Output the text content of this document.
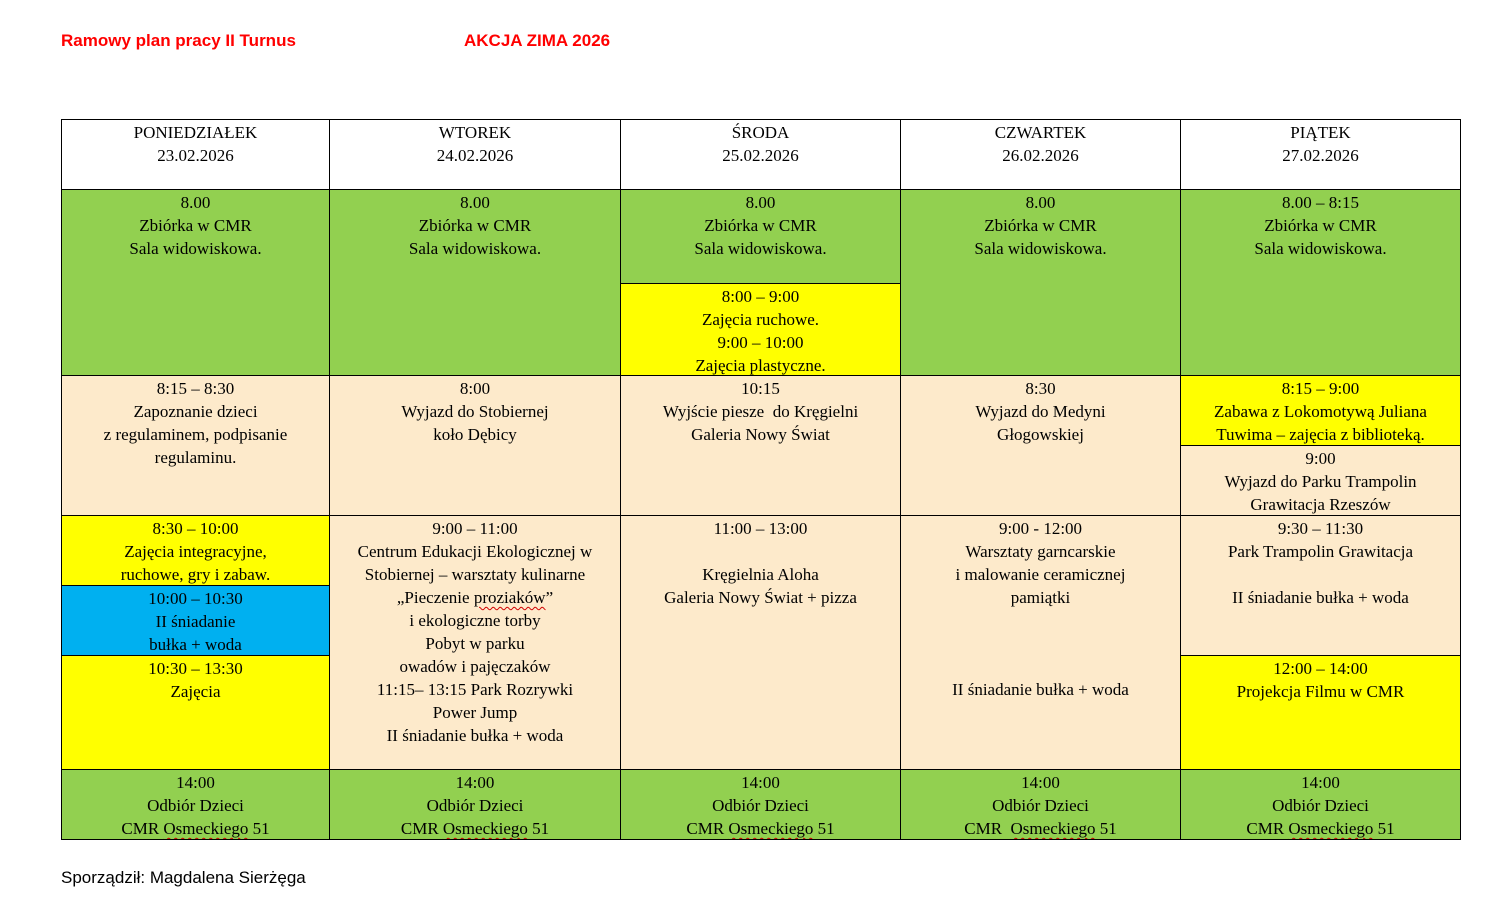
Ramowy plan pracy II Turnus	AKCJA ZIMA 2026
PONIEDZIAŁEK
23.02.2026
WTOREK
24.02.2026
ŚRODA
25.02.2026
CZWARTEK
26.02.2026
PIĄTEK
27.02.2026
8.00
Zbiórka w CMR
Sala widowiskowa.
8.00
Zbiórka w CMR
Sala widowiskowa.
8.00
Zbiórka w CMR
Sala widowiskowa.
8:00 – 9:00
Zajęcia ruchowe.
9:00 – 10:00
Zajęcia plastyczne.
8.00
Zbiórka w CMR
Sala widowiskowa.
8.00 – 8:15
Zbiórka w CMR
Sala widowiskowa.
8:15 – 8:30
Zapoznanie dzieci
z regulaminem, podpisanie
regulaminu.
8:00
Wyjazd do Stobiernej
koło Dębicy
10:15
Wyjście piesze  do Kręgielni
Galeria Nowy Świat
8:30
Wyjazd do Medyni
Głogowskiej
8:15 – 9:00
Zabawa z Lokomotywą Juliana
Tuwima – zajęcia z biblioteką.
9:00
Wyjazd do Parku Trampolin
Grawitacja Rzeszów
8:30 – 10:00
Zajęcia integracyjne,
ruchowe, gry i zabaw.
10:00 – 10:30
II śniadanie
bułka + woda
10:30 – 13:30
Zajęcia
9:00 – 11:00
Centrum Edukacji Ekologicznej w
Stobiernej – warsztaty kulinarne
„Pieczenie proziaków”
i ekologiczne torby
Pobyt w parku
owadów i pajęczaków
11:15– 13:15 Park Rozrywki
Power Jump
II śniadanie bułka + woda
11:00 – 13:00
Kręgielnia Aloha
Galeria Nowy Świat + pizza
9:00 - 12:00
Warsztaty garncarskie
i malowanie ceramicznej
pamiątki
II śniadanie bułka + woda
9:30 – 11:30
Park Trampolin Grawitacja
II śniadanie bułka + woda
12:00 – 14:00
Projekcja Filmu w CMR
14:00
Odbiór Dzieci
CMR Osmeckiego 51
14:00
Odbiór Dzieci
CMR Osmeckiego 51
14:00
Odbiór Dzieci
CMR Osmeckiego 51
14:00
Odbiór Dzieci
CMR Osmeckiego 51
14:00
Odbiór Dzieci
CMR Osmeckiego 51
Sporządził: Magdalena Sierżęga
